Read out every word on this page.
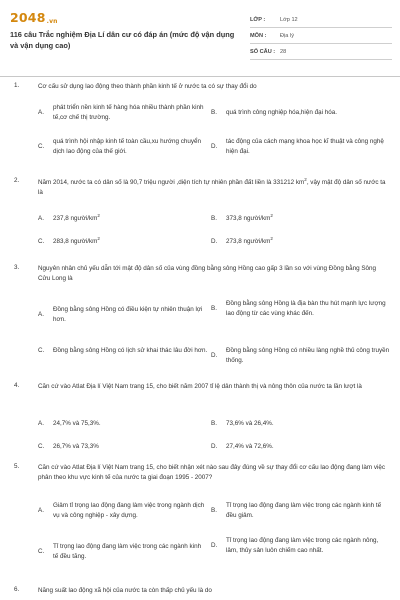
2048.vn
116 câu Trắc nghiệm Địa Lí dân cư có đáp án (mức độ vận dụng và vận dụng cao)
LỚP :	Lớp 12
MÔN :	Địa lý
SỐ CÂU : 28
1.	Cơ cấu sử dụng lao động theo thành phần kinh tế ở nước ta có sự thay đổi do
A.
phát triển nền kinh tế hàng hóa nhiều thành phần kinh tế,cơ chế thị trường.
B.	quá trình công nghiệp hóa,hiện đại hóa.
C.
quá trình hội nhập kinh tế toàn cầu,xu hướng chuyển dịch lao động của thế giới.
D.
tác động của cách mạng khoa học kĩ thuật và công nghệ hiện đại.
2.	Năm 2014, nước ta có dân số là 90,7 triệu người ,diện tích tự nhiên phần đất liền là 331212 $km^2$, vậy mật độ dân số nước ta là
A.	237,8 người/$km^2$	B.	373,8 người/$km^2$
C.	283,8 người/$km^2$	D.	273,8 người/$km^2$
3.	Nguyên nhân chủ yếu dẫn tới mật độ dân số của vùng đồng bằng sông Hồng cao gấp 3 lần so với vùng Đồng bằng Sông Cửu Long là
A.
Đồng bằng sông Hồng có điều kiện tự nhiên thuận lợi hơn.
B.
Đồng bằng sông Hồng là địa bàn thu hút mạnh lực lượng lao động từ các vùng khác đến.
C.	Đồng bằng sông Hồng có lịch sử khai thác lâu đời hơn.
D.
Đồng bằng sông Hồng có nhiều làng nghề thủ công truyền thống.
4.	Căn cứ vào Atlat Địa lí Việt Nam trang 15, cho biết năm 2007 tỉ lệ dân thành thị và nông thôn của nước ta lần lượt là
A.	24,7% và 75,3%.	B.	73,6% và 26,4%.
C.	26,7% và 73,3%	D.	27,4% và 72,6%.
5.	Căn cứ vào Atlat Địa lí Việt Nam trang 15, cho biết nhận xét nào sau đây đúng về sự thay đổi cơ cấu lao động đang làm việc phân theo khu vực kinh tế của nước ta giai đoạn 1995 - 2007?
A.
Giảm tỉ trọng lao động đang làm việc trong ngành dịch vụ và công nghiệp - xây dựng.
B.
Tỉ trọng lao động đang làm việc trong các ngành kinh tế đều giảm.
C.
Tỉ trọng lao động đang làm việc trong các ngành kinh tế đều tăng.
D.
Tỉ trọng lao động đang làm việc trong các ngành nông, lâm, thủy sản luôn chiếm cao nhất.
6.	Năng suất lao động xã hội của nước ta còn thấp chủ yếu là do
